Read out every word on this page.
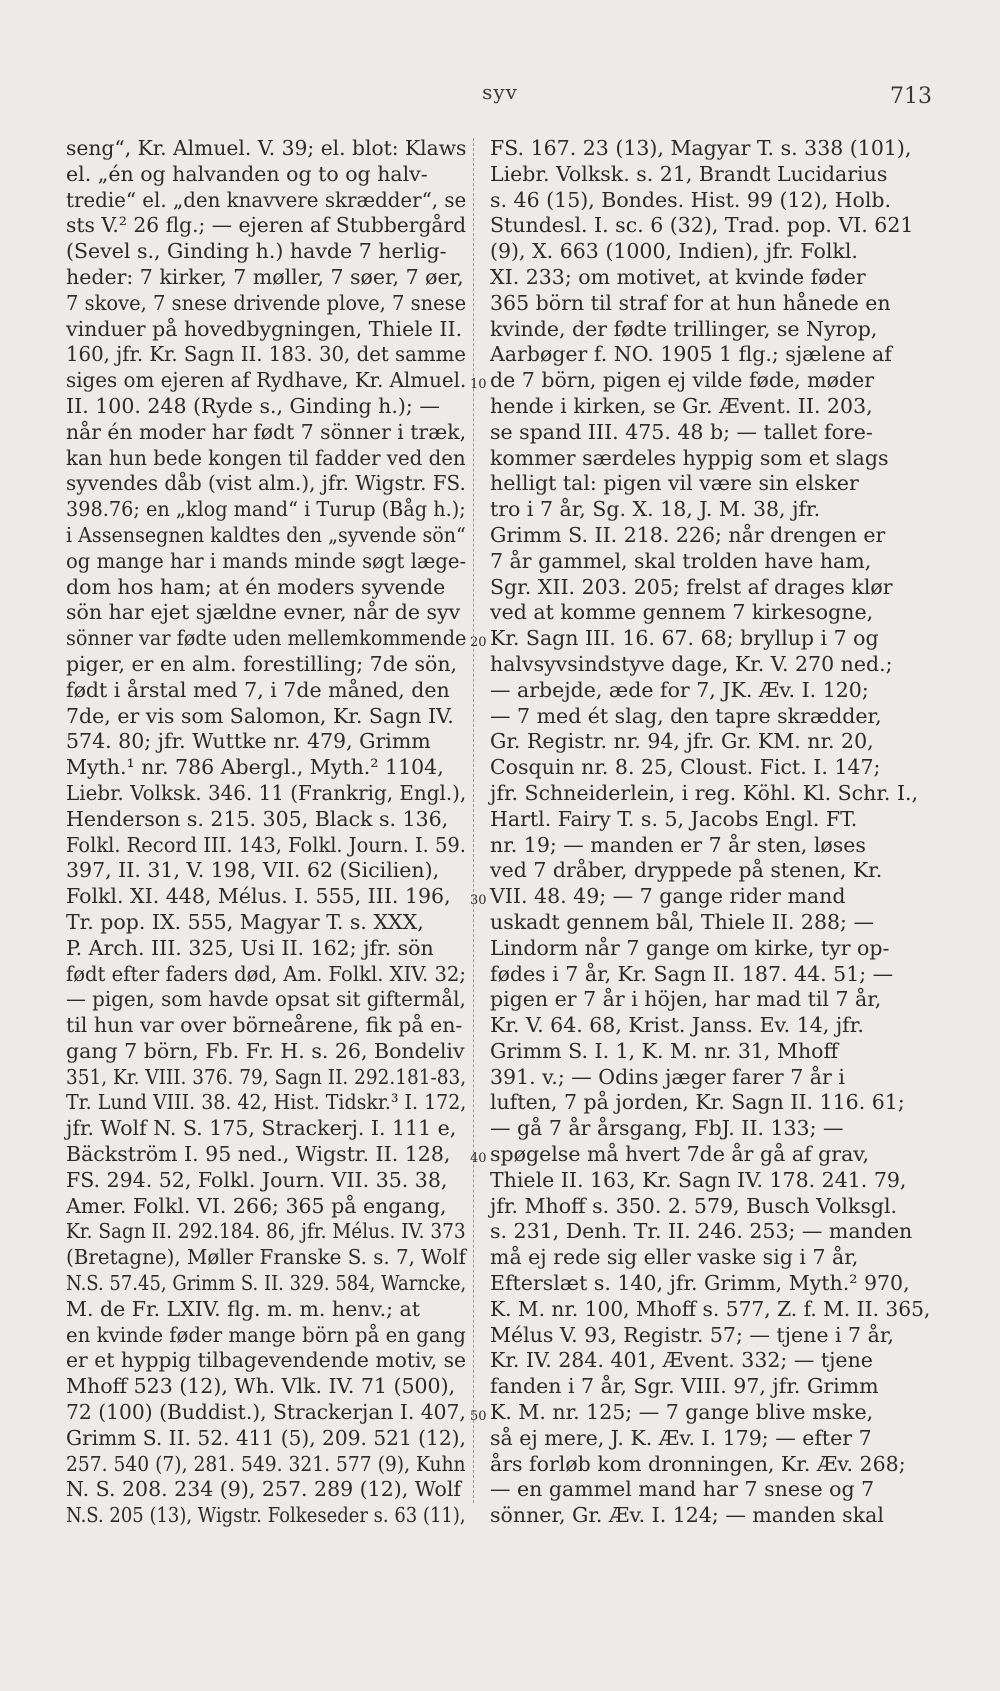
syv	713
seng“, Kr. Almuel. V. 39; el. blot: Klaws
el. „én og halvanden og to og halv-
tredie“ el. „den knavvere skrædder“, se
sts V.² 26 flg.; — ejeren af Stubbergård
(Sevel s., Ginding h.) havde 7 herlig-
heder: 7 kirker, 7 møller, 7 søer, 7 øer,
7 skove, 7 snese drivende plove, 7 snese
vinduer på hovedbygningen, Thiele II.
160, jfr. Kr. Sagn II. 183. 30, det samme
siges om ejeren af Rydhave, Kr. Almuel.
II. 100. 248 (Ryde s., Ginding h.); —
når én moder har født 7 sönner i træk,
kan hun bede kongen til fadder ved den
syvendes dåb (vist alm.), jfr. Wigstr. FS.
398.76; en „klog mand“ i Turup (Båg h.);
i Assensegnen kaldtes den „syvende sön“
og mange har i mands minde søgt læge-
dom hos ham; at én moders syvende
sön har ejet sjældne evner, når de syv
sönner var fødte uden mellemkommende
piger, er en alm. forestilling; 7de sön,
født i årstal med 7, i 7de måned, den
7de, er vis som Salomon, Kr. Sagn IV.
574. 80; jfr. Wuttke nr. 479, Grimm
Myth.¹ nr. 786 Abergl., Myth.² 1104,
Liebr. Volksk. 346. 11 (Frankrig, Engl.),
Henderson s. 215. 305, Black s. 136,
Folkl. Record III. 143, Folkl. Journ. I. 59.
397, II. 31, V. 198, VII. 62 (Sicilien),
Folkl. XI. 448, Mélus. I. 555, III. 196,
Tr. pop. IX. 555, Magyar T. s. XXX,
P. Arch. III. 325, Usi II. 162; jfr. sön
født efter faders død, Am. Folkl. XIV. 32;
— pigen, som havde opsat sit giftermål,
til hun var over börneårene, fik på en-
gang 7 börn, Fb. Fr. H. s. 26, Bondeliv
351, Kr. VIII. 376. 79, Sagn II. 292.181-83,
Tr. Lund VIII. 38. 42, Hist. Tidskr.³ I. 172,
jfr. Wolf N. S. 175, Strackerj. I. 111 e,
Bäckström I. 95 ned., Wigstr. II. 128,
FS. 294. 52, Folkl. Journ. VII. 35. 38,
Amer. Folkl. VI. 266; 365 på engang,
Kr. Sagn II. 292.184. 86, jfr. Mélus. IV. 373
(Bretagne), Møller Franske S. s. 7, Wolf
N.S. 57.45, Grimm S. II. 329. 584, Warncke,
M. de Fr. LXIV. flg. m. m. henv.; at
en kvinde føder mange börn på en gang
er et hyppig tilbagevendende motiv, se
Mhoff 523 (12), Wh. Vlk. IV. 71 (500),
72 (100) (Buddist.), Strackerjan I. 407,
Grimm S. II. 52. 411 (5), 209. 521 (12),
257. 540 (7), 281. 549. 321. 577 (9), Kuhn
N. S. 208. 234 (9), 257. 289 (12), Wolf
N.S. 205 (13), Wigstr. Folkeseder s. 63 (11),
10
20
30
40
50
FS. 167. 23 (13), Magyar T. s. 338 (101),
Liebr. Volksk. s. 21, Brandt Lucidarius
s. 46 (15), Bondes. Hist. 99 (12), Holb.
Stundesl. I. sc. 6 (32), Trad. pop. VI. 621
(9), X. 663 (1000, Indien), jfr. Folkl.
XI. 233; om motivet, at kvinde føder
365 börn til straf for at hun hånede en
kvinde, der fødte trillinger, se Nyrop,
Aarbøger f. NO. 1905 1 flg.; sjælene af
de 7 börn, pigen ej vilde føde, møder
hende i kirken, se Gr. Ævent. II. 203,
se spand III. 475. 48 b; — tallet fore-
kommer særdeles hyppig som et slags
helligt tal: pigen vil være sin elsker
tro i 7 år, Sg. X. 18, J. M. 38, jfr.
Grimm S. II. 218. 226; når drengen er
7 år gammel, skal trolden have ham,
Sgr. XII. 203. 205; frelst af drages klør
ved at komme gennem 7 kirkesogne,
Kr. Sagn III. 16. 67. 68; bryllup i 7 og
halvsyvsindstyve dage, Kr. V. 270 ned.;
— arbejde, æde for 7, JK. Æv. I. 120;
— 7 med ét slag, den tapre skrædder,
Gr. Registr. nr. 94, jfr. Gr. KM. nr. 20,
Cosquin nr. 8. 25, Cloust. Fict. I. 147;
jfr. Schneiderlein, i reg. Köhl. Kl. Schr. I.,
Hartl. Fairy T. s. 5, Jacobs Engl. FT.
nr. 19; — manden er 7 år sten, løses
ved 7 dråber, dryppede på stenen, Kr.
VII. 48. 49; — 7 gange rider mand
uskadt gennem bål, Thiele II. 288; —
Lindorm når 7 gange om kirke, tyr op-
fødes i 7 år, Kr. Sagn II. 187. 44. 51; —
pigen er 7 år i höjen, har mad til 7 år,
Kr. V. 64. 68, Krist. Janss. Ev. 14, jfr.
Grimm S. I. 1, K. M. nr. 31, Mhoff
391. v.; — Odins jæger farer 7 år i
luften, 7 på jorden, Kr. Sagn II. 116. 61;
— gå 7 år årsgang, FbJ. II. 133; —
spøgelse må hvert 7de år gå af grav,
Thiele II. 163, Kr. Sagn IV. 178. 241. 79,
jfr. Mhoff s. 350. 2. 579, Busch Volksgl.
s. 231, Denh. Tr. II. 246. 253; — manden
må ej rede sig eller vaske sig i 7 år,
Efterslæt s. 140, jfr. Grimm, Myth.² 970,
K. M. nr. 100, Mhoff s. 577, Z. f. M. II. 365,
Mélus V. 93, Registr. 57; — tjene i 7 år,
Kr. IV. 284. 401, Ævent. 332; — tjene
fanden i 7 år, Sgr. VIII. 97, jfr. Grimm
K. M. nr. 125; — 7 gange blive mske,
så ej mere, J. K. Æv. I. 179; — efter 7
års forløb kom dronningen, Kr. Æv. 268;
— en gammel mand har 7 snese og 7
sönner, Gr. Æv. I. 124; — manden skal
